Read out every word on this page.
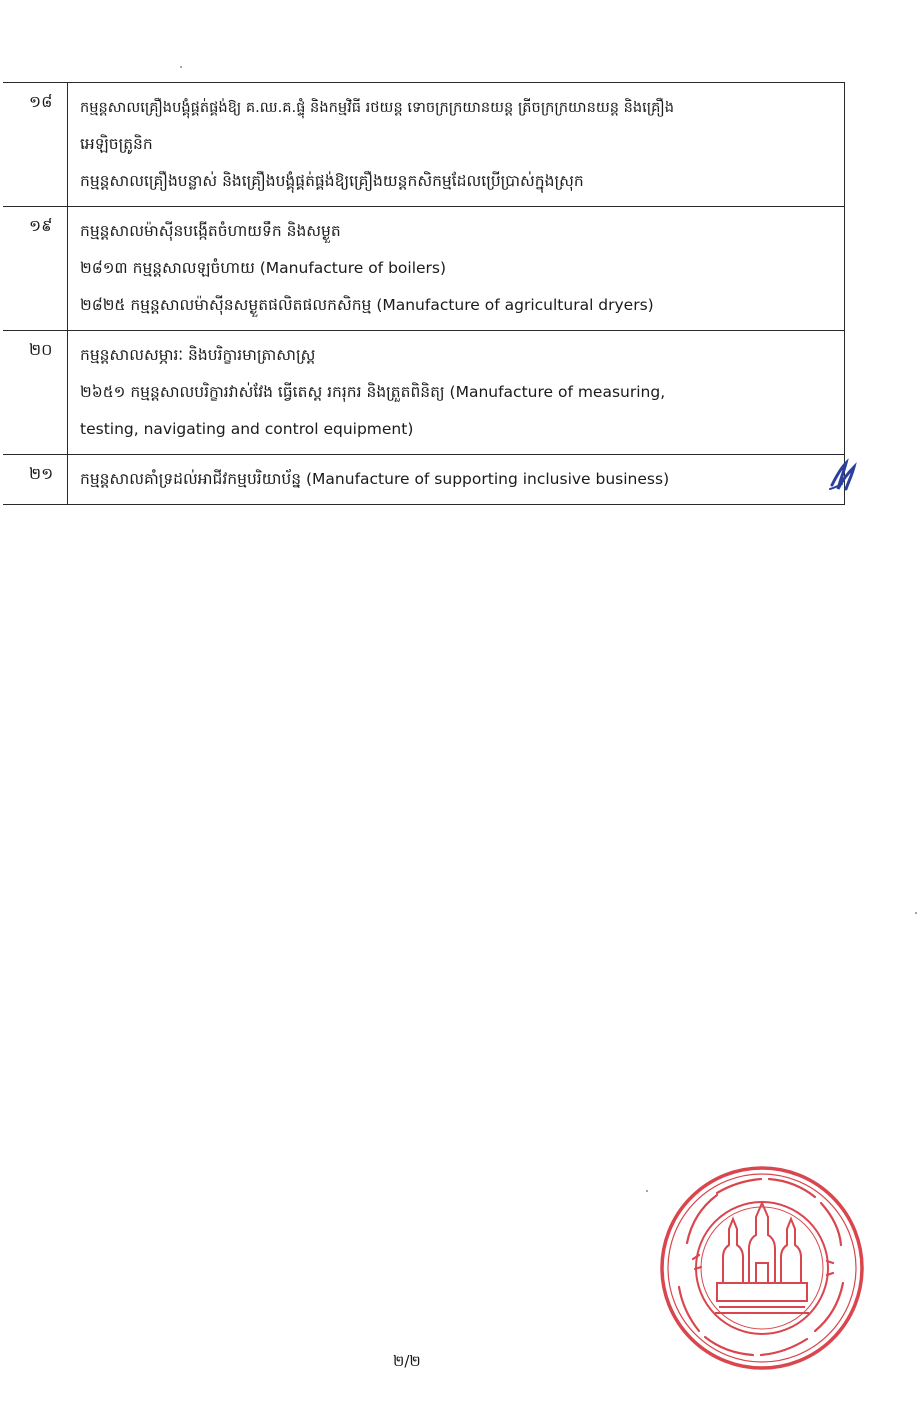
១៨	កម្មន្តសាលគ្រឿងបង្គុំផ្គត់ផ្គង់ឱ្យ គ.ឈ.គ.ផ្ទុំ និងកម្មវិធី រថយន្ត ទោចក្រក្រយានយន្ត ត្រីចក្រក្រយានយន្ត និងគ្រឿង
អេឡិចត្រូនិក
កម្មន្តសាលគ្រឿងបន្លាស់ និងគ្រឿងបង្គុំផ្គត់ផ្គង់ឱ្យគ្រឿងយន្តកសិកម្មដែលប្រើប្រាស់ក្នុងស្រុក
១៩	កម្មន្តសាលម៉ាស៊ីនបង្កើតចំហាយទឹក និងសម្ងួត
២៨១៣ កម្មន្តសាលឡចំហាយ (Manufacture of boilers)
២៨២៥ កម្មន្តសាលម៉ាស៊ីនសម្ងួតផលិតផលកសិកម្ម (Manufacture of agricultural dryers)
២០	កម្មន្តសាលសម្ភារៈ និងបរិក្ខារមាត្រាសាស្ត្រ
២៦៥១ កម្មន្តសាលបរិក្ខារវាស់វែង ធ្វើតេស្ត រករុករ និងត្រួតពិនិត្យ (Manufacture of measuring,
testing, navigating and control equipment)
២១	កម្មន្តសាលគាំទ្រដល់អាជីវកម្មបរិយាប័ន្ន (Manufacture of supporting inclusive business)
២/២
